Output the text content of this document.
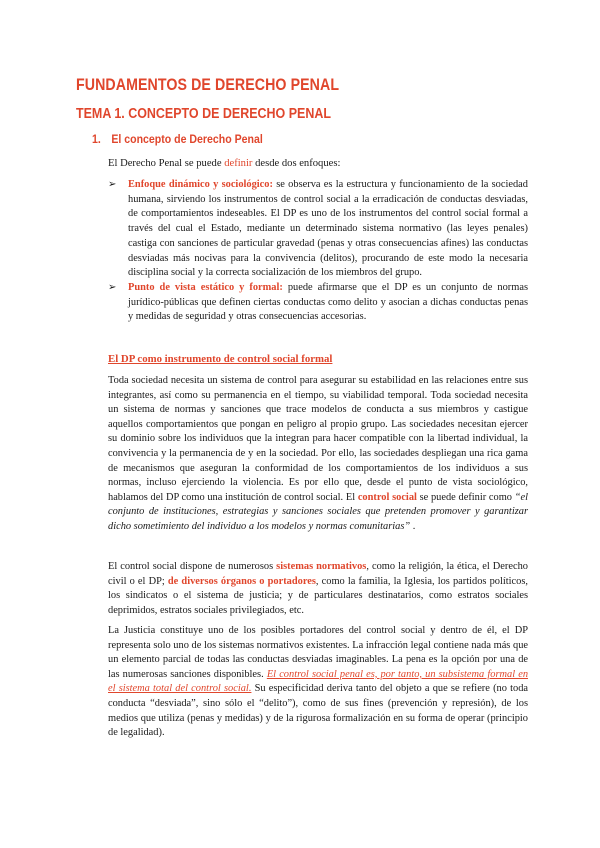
FUNDAMENTOS DE DERECHO PENAL
TEMA 1. CONCEPTO DE DERECHO PENAL
1. El concepto de Derecho Penal
El Derecho Penal se puede definir desde dos enfoques:
➢ Enfoque dinámico y sociológico: se observa es la estructura y funcionamiento de la sociedad humana, sirviendo los instrumentos de control social a la erradicación de conductas desviadas, de comportamientos indeseables. El DP es uno de los instrumentos del control social formal a través del cual el Estado, mediante un determinado sistema normativo (las leyes penales) castiga con sanciones de particular gravedad (penas y otras consecuencias afines) las conductas desviadas más nocivas para la convivencia (delitos), procurando de este modo la necesaria disciplina social y la correcta socialización de los miembros del grupo.
➢ Punto de vista estático y formal: puede afirmarse que el DP es un conjunto de normas jurídico-públicas que definen ciertas conductas como delito y asocian a dichas conductas penas y medidas de seguridad y otras consecuencias accesorias.
El DP como instrumento de control social formal

Toda sociedad necesita un sistema de control para asegurar su estabilidad en las relaciones entre sus integrantes, así como su permanencia en el tiempo, su viabilidad temporal. Toda sociedad necesita un sistema de normas y sanciones que trace modelos de conducta a sus miembros y castigue aquellos comportamientos que pongan en peligro al propio grupo. Las sociedades necesitan ejercer su dominio sobre los individuos que la integran para hacer compatible con la libertad individual, la convivencia y la permanencia de y en la sociedad. Por ello, las sociedades despliegan una rica gama de mecanismos que aseguran la conformidad de los comportamientos de los individuos a sus normas, incluso ejerciendo la violencia. Es por ello que, desde el punto de vista sociológico, hablamos del DP como una institución de control social. El control social se puede definir como “el conjunto de instituciones, estrategias y sanciones sociales que pretenden promover y garantizar dicho sometimiento del individuo a los modelos y normas comunitarias” .

El control social dispone de numerosos sistemas normativos, como la religión, la ética, el Derecho civil o el DP; de diversos órganos o portadores, como la familia, la Iglesia, los partidos políticos, los sindicatos o el sistema de justicia; y de particulares destinatarios, como estratos sociales deprimidos, estratos sociales privilegiados, etc.

La Justicia constituye uno de los posibles portadores del control social y dentro de él, el DP representa solo uno de los sistemas normativos existentes. La infracción legal contiene nada más que un elemento parcial de todas las conductas desviadas imaginables. La pena es la opción por una de las numerosas sanciones disponibles. El control social penal es, por tanto, un subsistema formal en el sistema total del control social. Su especificidad deriva tanto del objeto a que se refiere (no toda conducta “desviada”, sino sólo el “delito”), como de sus fines (prevención y represión), de los medios que utiliza (penas y medidas) y de la rigurosa formalización en su forma de operar (principio de legalidad).
